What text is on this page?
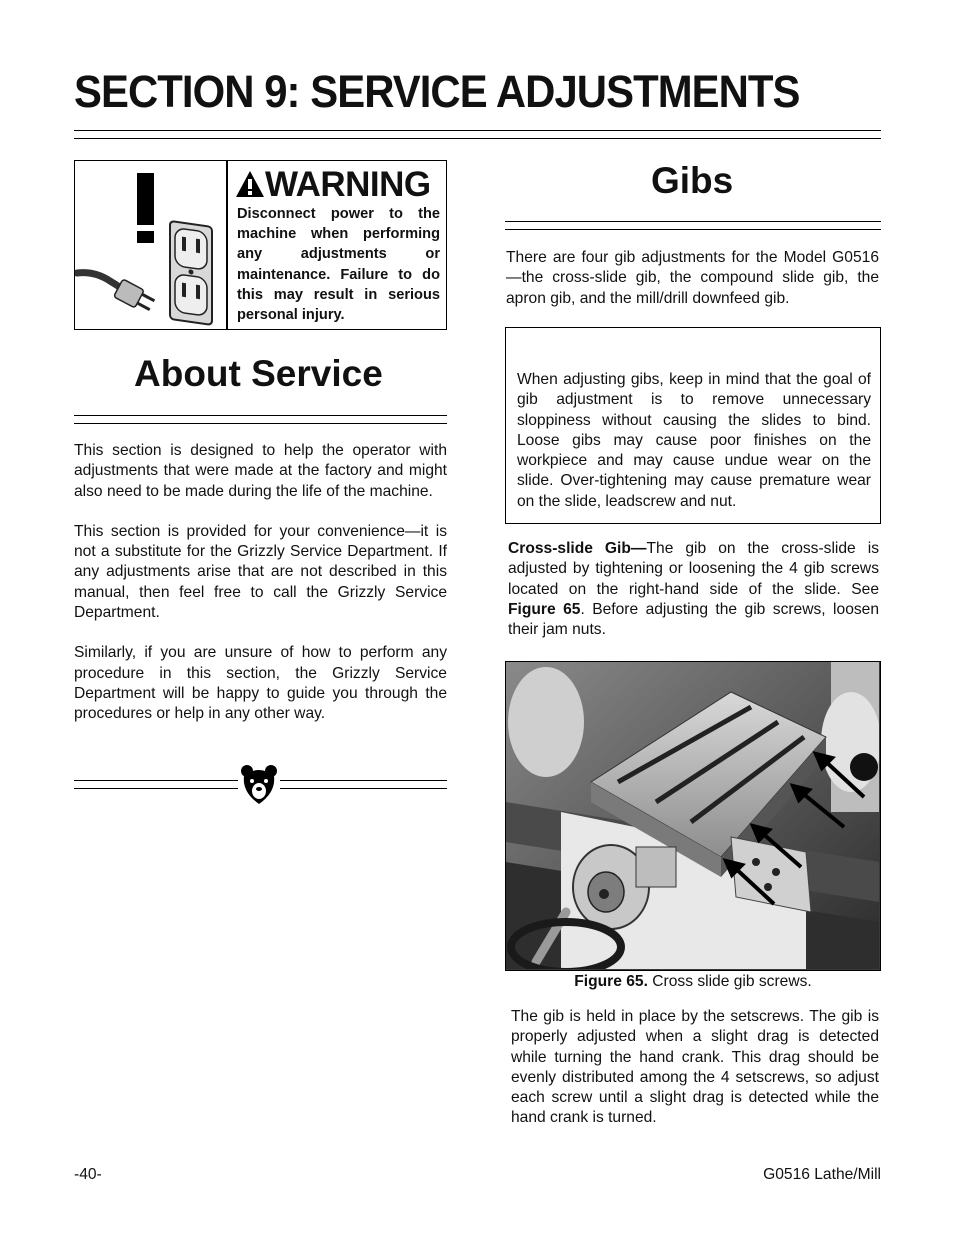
SECTION 9: SERVICE ADJUSTMENTS
WARNING
Disconnect power to the machine when performing any adjustments or maintenance. Failure to do this may result in serious personal injury.
About Service

This section is designed to help the operator with adjustments that were made at the factory and might also need to be made during the life of the machine.

This section is provided for your convenience—it is not a substitute for the Grizzly Service Department. If any adjustments arise that are not described in this manual, then feel free to call the Grizzly Service Department.

Similarly, if you are unsure of how to perform any procedure in this section, the Grizzly Service Department will be happy to guide you through the procedures or help in any other way.

Gibs
There are four gib adjustments for the Model G0516—the cross-slide gib, the compound slide gib, the apron gib, and the mill/drill downfeed gib.
When adjusting gibs, keep in mind that the goal of gib adjustment is to remove unnecessary sloppiness without causing the slides to bind. Loose gibs may cause poor finishes on the workpiece and may cause undue wear on the slide. Over-tightening may cause premature wear on the slide, leadscrew and nut.
Cross-slide Gib—The gib on the cross-slide is adjusted by tightening or loosening the 4 gib screws located on the right-hand side of the slide. See Figure 65. Before adjusting the gib screws, loosen their jam nuts.
Figure 65. Cross slide gib screws.
The gib is held in place by the setscrews. The gib is properly adjusted when a slight drag is detected while turning the hand crank. This drag should be evenly distributed among the 4 setscrews, so adjust each screw until a slight drag is detected while the hand crank is turned.
-40-	G0516 Lathe/Mill
